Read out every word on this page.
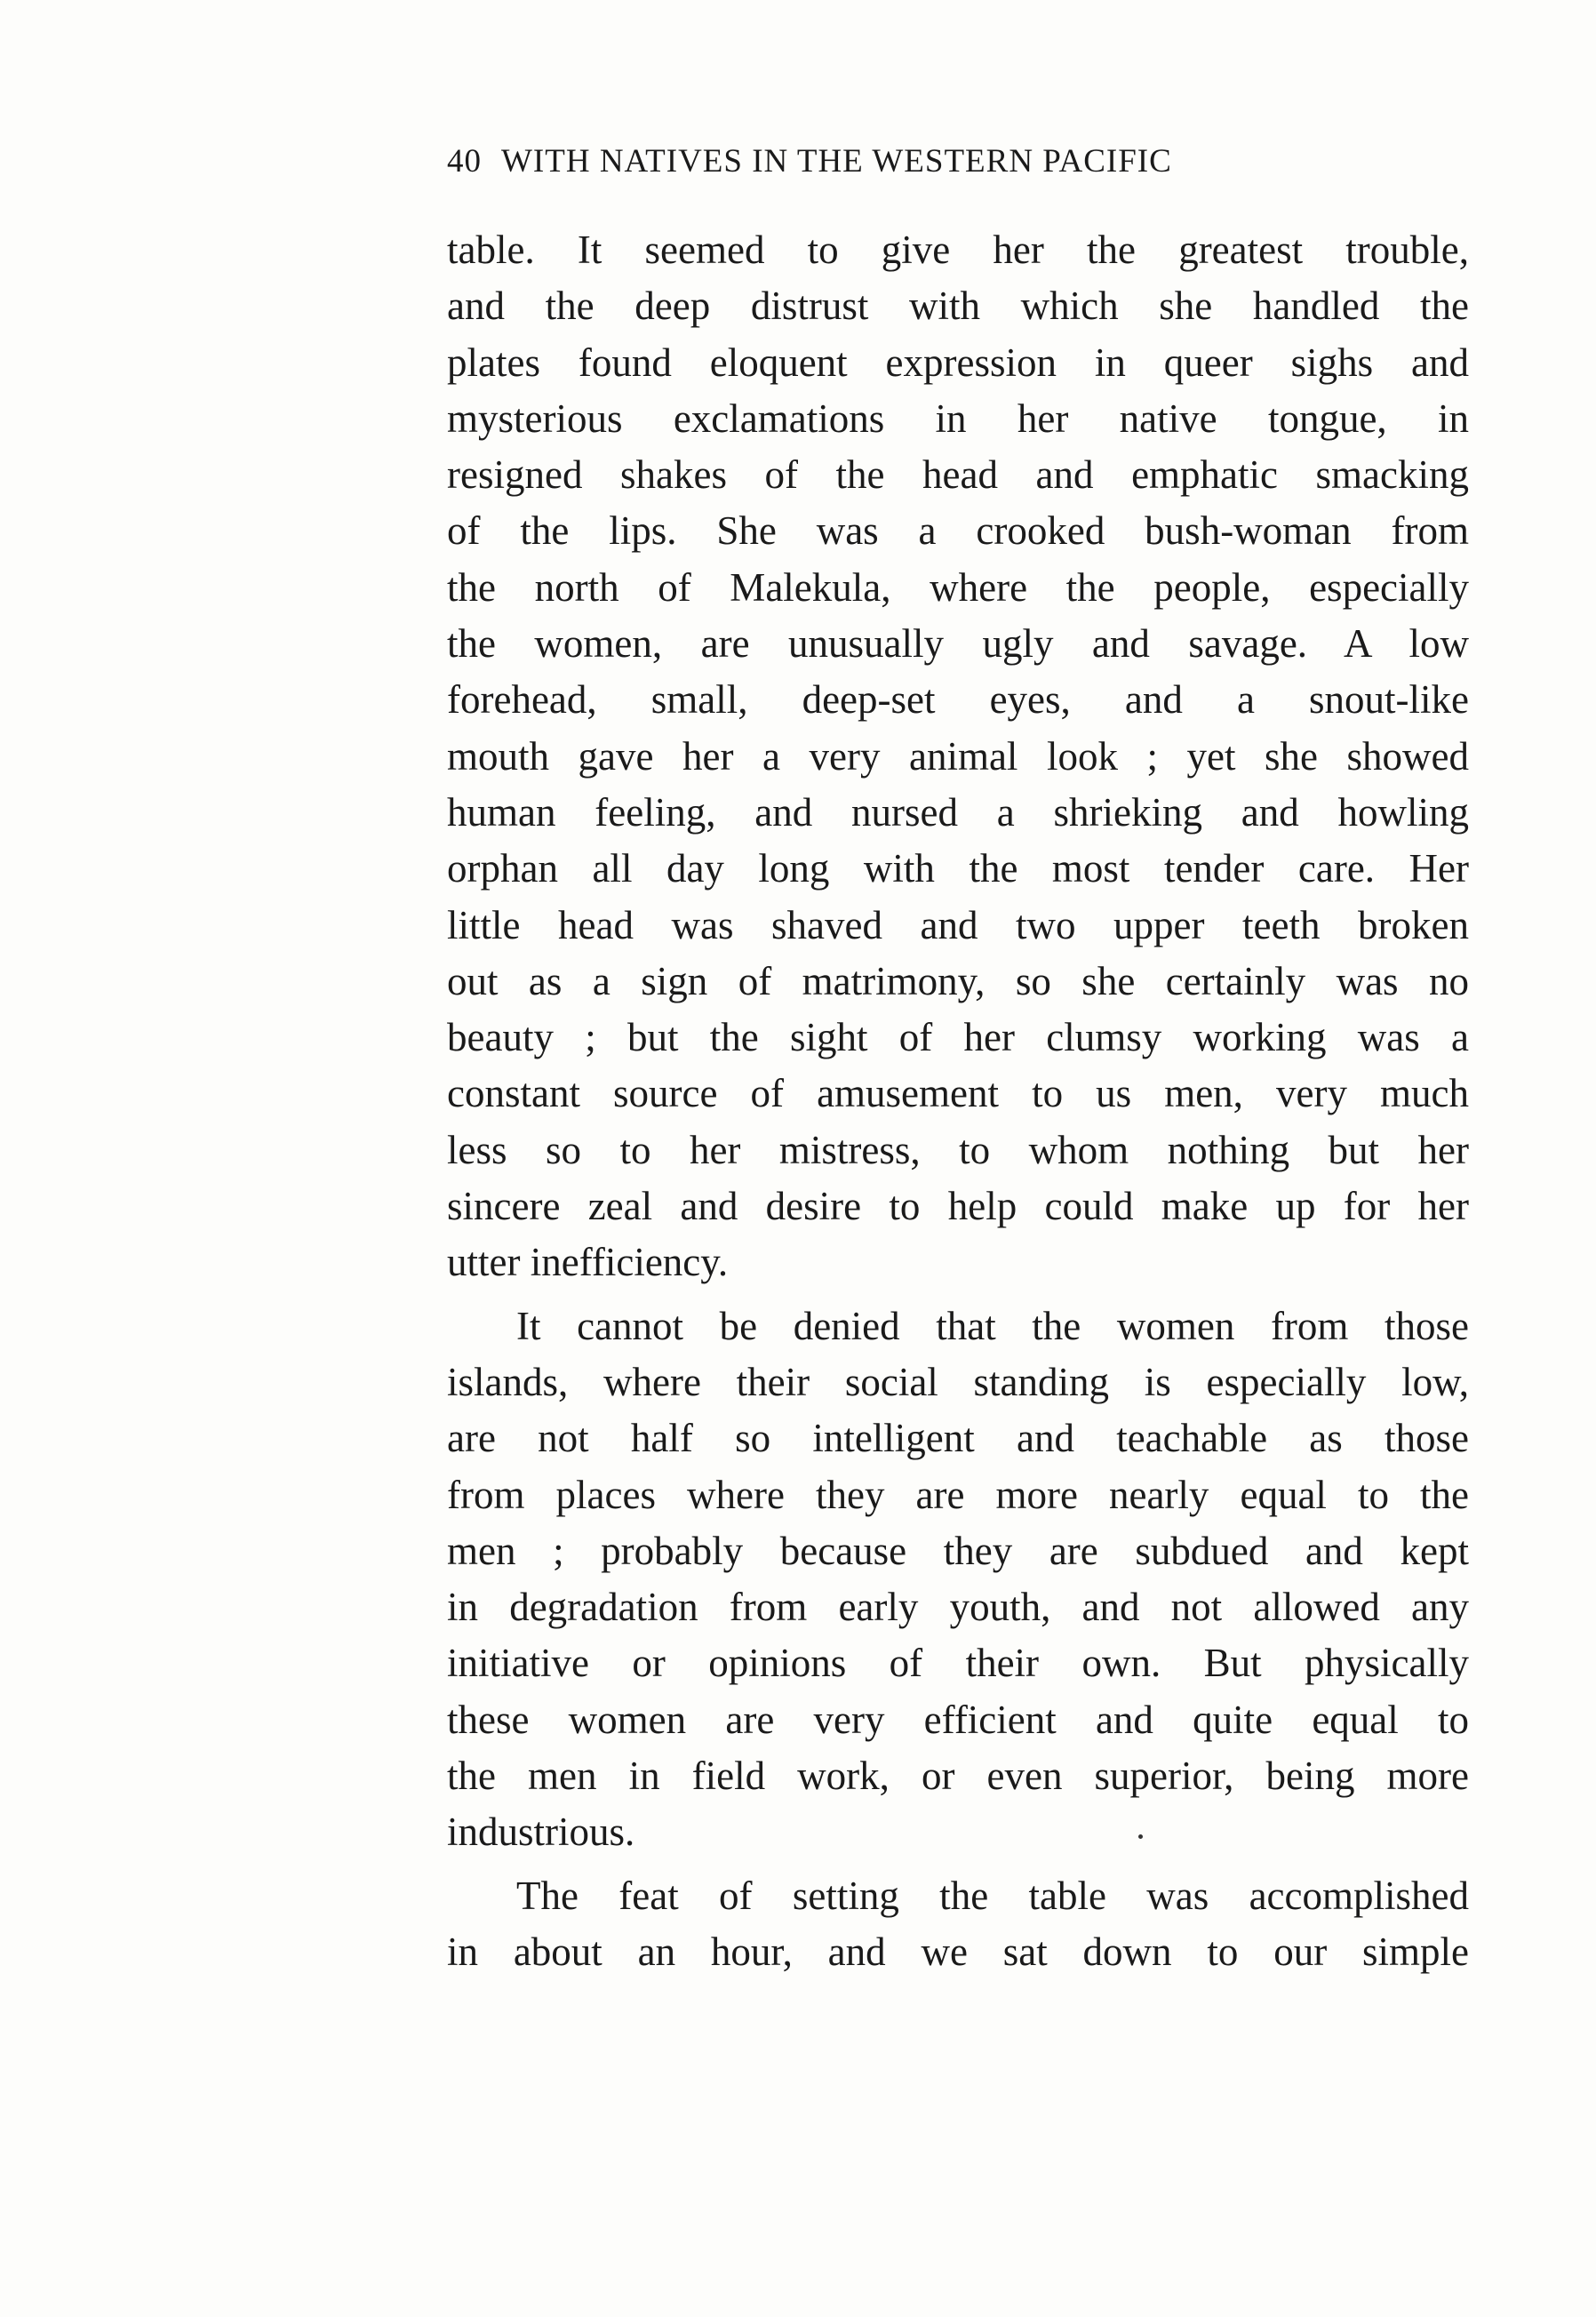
40 WITH NATIVES IN THE WESTERN PACIFIC
table. It seemed to give her the greatest trouble,
and the deep distrust with which she handled the
plates found eloquent expression in queer sighs and
mysterious exclamations in her native tongue, in
resigned shakes of the head and emphatic smacking
of the lips. She was a crooked bush-woman from
the north of Malekula, where the people, especially
the women, are unusually ugly and savage. A low
forehead, small, deep-set eyes, and a snout-like
mouth gave her a very animal look ; yet she showed
human feeling, and nursed a shrieking and howling
orphan all day long with the most tender care. Her
little head was shaved and two upper teeth broken
out as a sign of matrimony, so she certainly was no
beauty ; but the sight of her clumsy working was a
constant source of amusement to us men, very much
less so to her mistress, to whom nothing but her
sincere zeal and desire to help could make up for her
utter inefficiency.
It cannot be denied that the women from those
islands, where their social standing is especially low,
are not half so intelligent and teachable as those
from places where they are more nearly equal to the
men ; probably because they are subdued and kept
in degradation from early youth, and not allowed any
initiative or opinions of their own. But physically
these women are very efficient and quite equal to
the men in field work, or even superior, being more
industrious.
The feat of setting the table was accomplished
in about an hour, and we sat down to our simple
